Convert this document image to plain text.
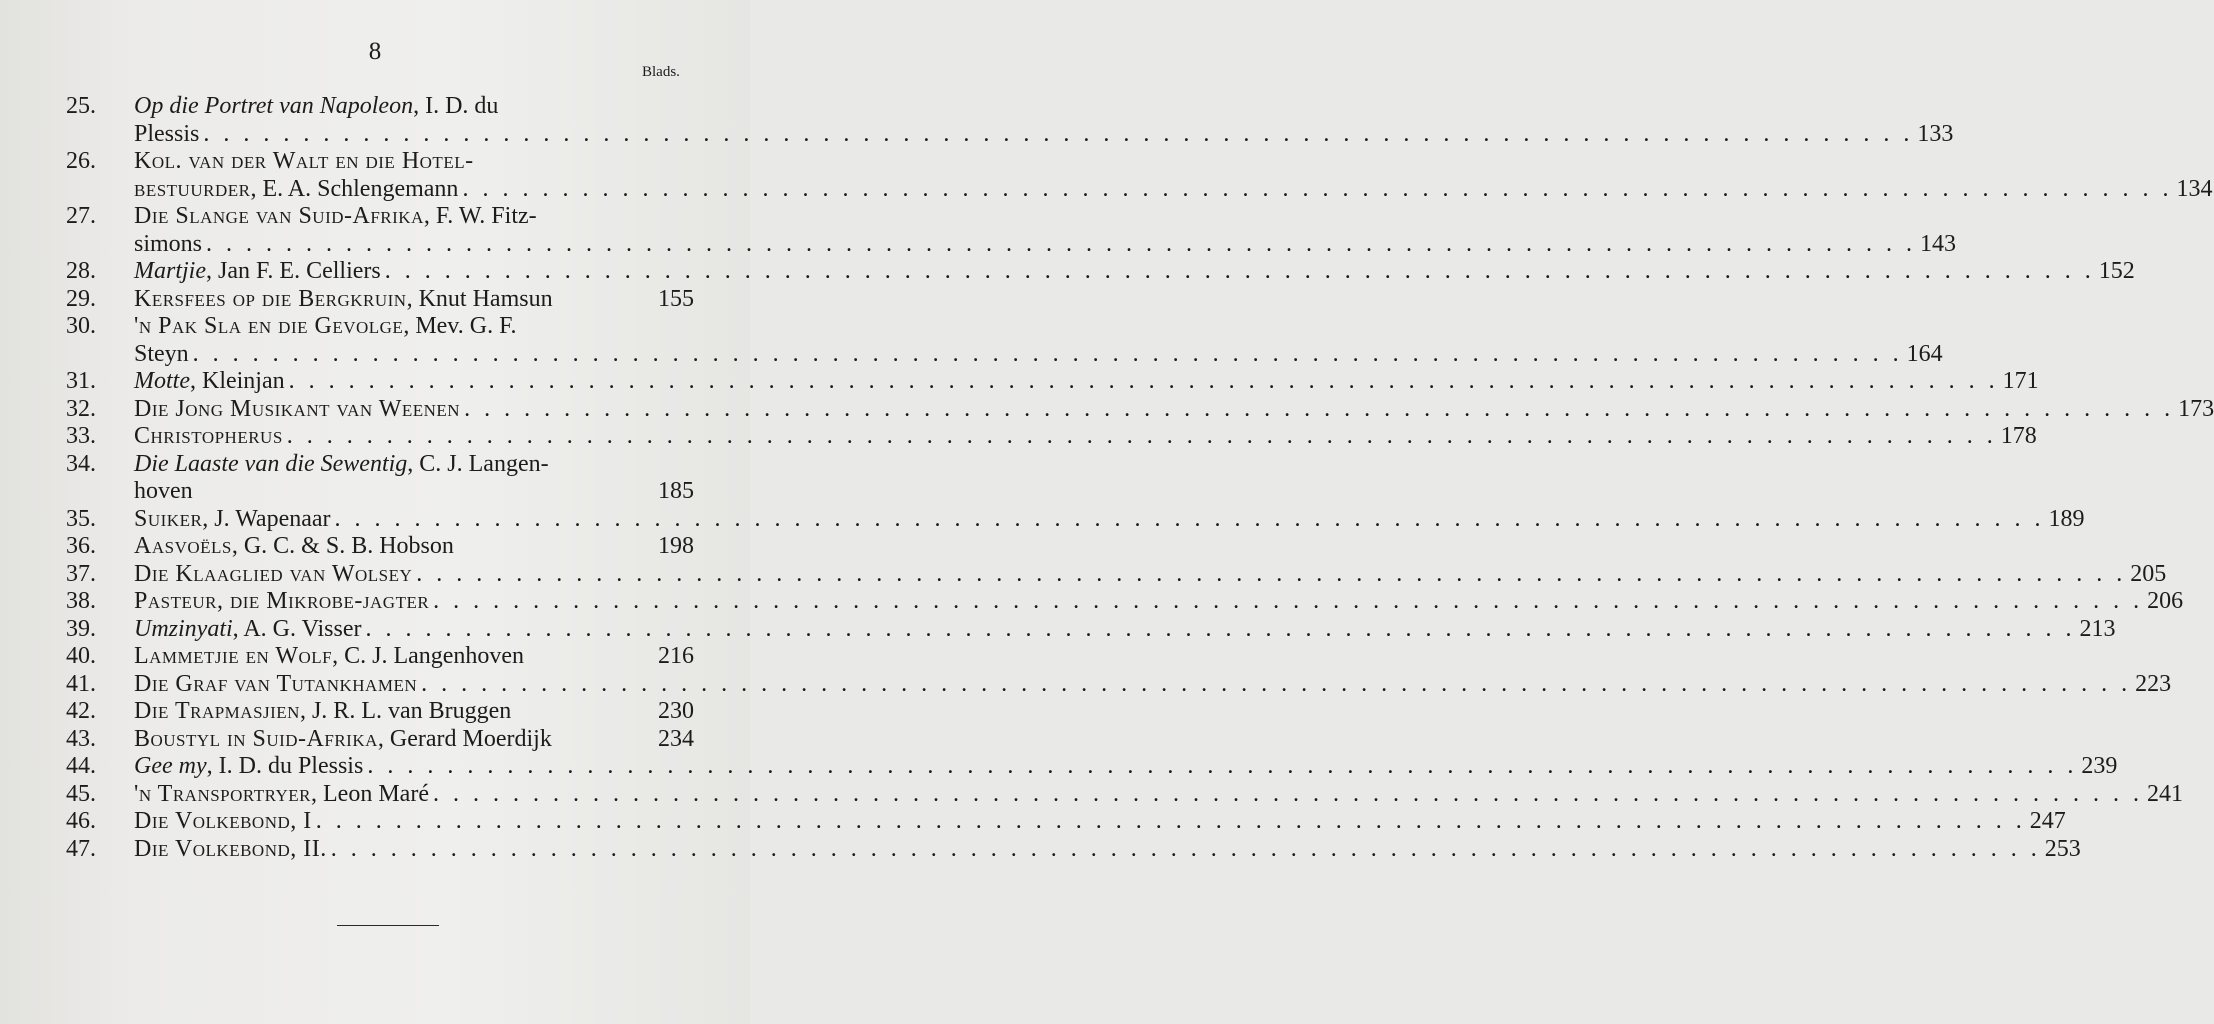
8
Blads.
25.	Op die Portret van Napoleon, I. D. du
Plessis . . .	133
26.	Kol. van der Walt en die Hotel-
bestuurder, E. A. Schlengemann . . .	134
27.	Die Slange van Suid-Afrika, F. W. Fitz-
simons . . .	143
28.	Martjie, Jan F. E. Celliers . . .	152
29.	Kersfees op die Bergkruin, Knut Hamsun	155
30.	'n Pak Sla en die Gevolge, Mev. G. F.
Steyn . . .	164
31.	Motte, Kleinjan . . .	171
32.	Die Jong Musikant van Weenen . . .	173
33.	Christopherus . . .	178
34.	Die Laaste van die Sewentig, C. J. Langen-
hoven	185
35.	Suiker, J. Wapenaar . . .	189
36.	Aasvoëls, G. C. & S. B. Hobson	198
37.	Die Klaaglied van Wolsey . . .	205
38.	Pasteur, die Mikrobe-jagter . . .	206
39.	Umzinyati, A. G. Visser . . .	213
40.	Lammetjie en Wolf, C. J. Langenhoven	216
41.	Die Graf van Tutankhamen . . .	223
42.	Die Trapmasjien, J. R. L. van Bruggen	230
43.	Boustyl in Suid-Afrika, Gerard Moerdijk	234
44.	Gee my, I. D. du Plessis . . .	239
45.	'n Transportryer, Leon Maré . . .	241
46.	Die Volkebond, I . . .	247
47.	Die Volkebond, II. . . .	253
